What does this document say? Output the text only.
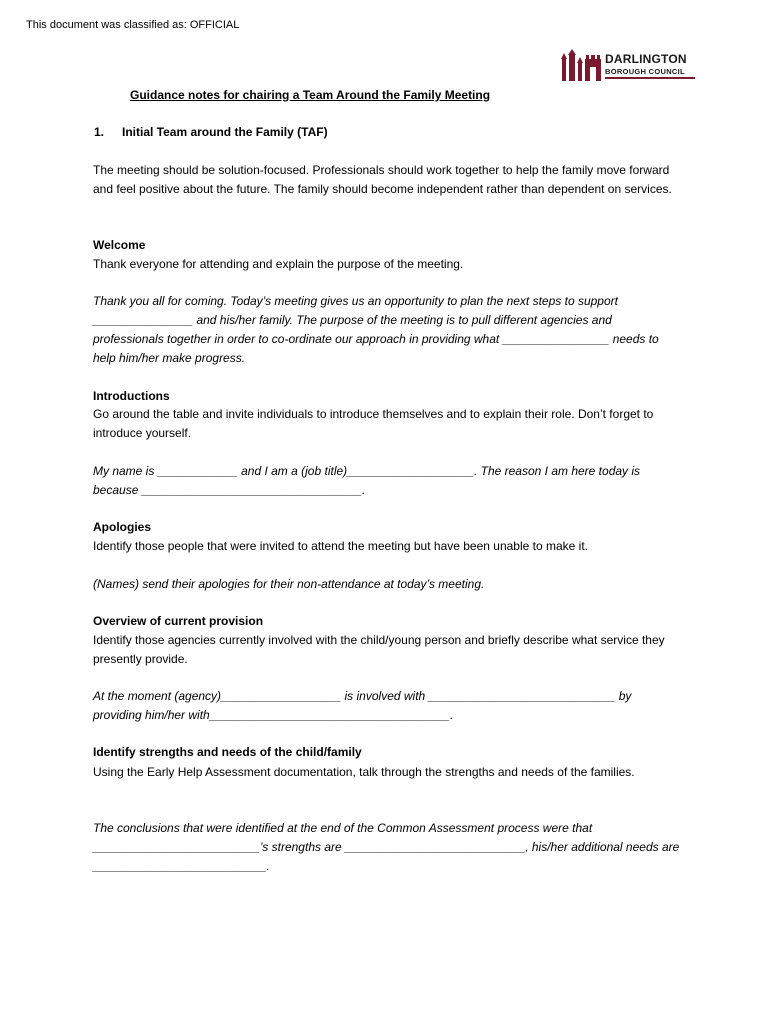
This document was classified as: OFFICIAL
DARLINGTON
BOROUGH COUNCIL
Guidance notes for chairing a Team Around the Family Meeting
1. Initial Team around the Family (TAF)
The meeting should be solution-focused. Professionals should work together to help the family move forward and feel positive about the future. The family should become independent rather than dependent on services.
Welcome
Thank everyone for attending and explain the purpose of the meeting.
Thank you all for coming. Today’s meeting gives us an opportunity to plan the next steps to support _______________ and his/her family. The purpose of the meeting is to pull different agencies and professionals together in order to co-ordinate our approach in providing what ________________ needs to help him/her make progress.
Introductions
Go around the table and invite individuals to introduce themselves and to explain their role. Don’t forget to introduce yourself.
My name is ____________ and I am a (job title)___________________. The reason I am here today is because _________________________________.
Apologies
Identify those people that were invited to attend the meeting but have been unable to make it.
(Names) send their apologies for their non-attendance at today’s meeting.
Overview of current provision
Identify those agencies currently involved with the child/young person and briefly describe what service they presently provide.
At the moment (agency)__________________ is involved with ____________________________ by providing him/her with____________________________________.
Identify strengths and needs of the child/family
Using the Early Help Assessment documentation, talk through the strengths and needs of the families.
The conclusions that were identified at the end of the Common Assessment process were that _________________________’s strengths are ___________________________, his/her additional needs are __________________________.
